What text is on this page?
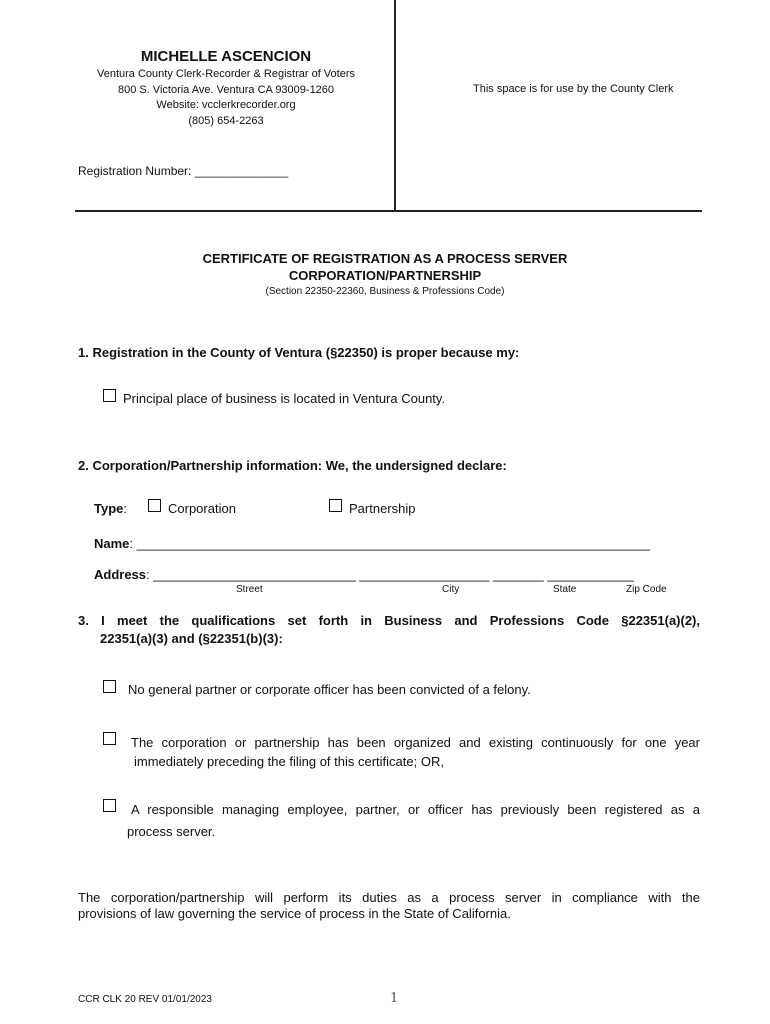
MICHELLE ASCENCION
Ventura County Clerk-Recorder & Registrar of Voters
800 S. Victoria Ave. Ventura CA 93009-1260
Website: vcclerkrecorder.org
(805) 654-2263
This space is for use by the County Clerk
Registration Number: ______________
CERTIFICATE OF REGISTRATION AS A PROCESS SERVER
CORPORATION/PARTNERSHIP
(Section 22350-22360, Business & Professions Code)
1. Registration in the County of Ventura (§22350) is proper because my:
Principal place of business is located in Ventura County.
2. Corporation/Partnership information: We, the undersigned declare:
Type:	Corporation	Partnership
Name: _______________________________________________________________________
Address: ____________________________ __________________ _______ ____________
Street	City	State	Zip Code
3. I meet the qualifications set forth in Business and Professions Code §22351(a)(2),
22351(a)(3) and (§22351(b)(3):
No general partner or corporate officer has been convicted of a felony.
The corporation or partnership has been organized and existing continuously for one year
immediately preceding the filing of this certificate; OR,
A responsible managing employee, partner, or officer has previously been registered as a
process server.
The corporation/partnership will perform its duties as a process server in compliance with the
provisions of law governing the service of process in the State of California.
CCR CLK 20 REV 01/01/2023	1
